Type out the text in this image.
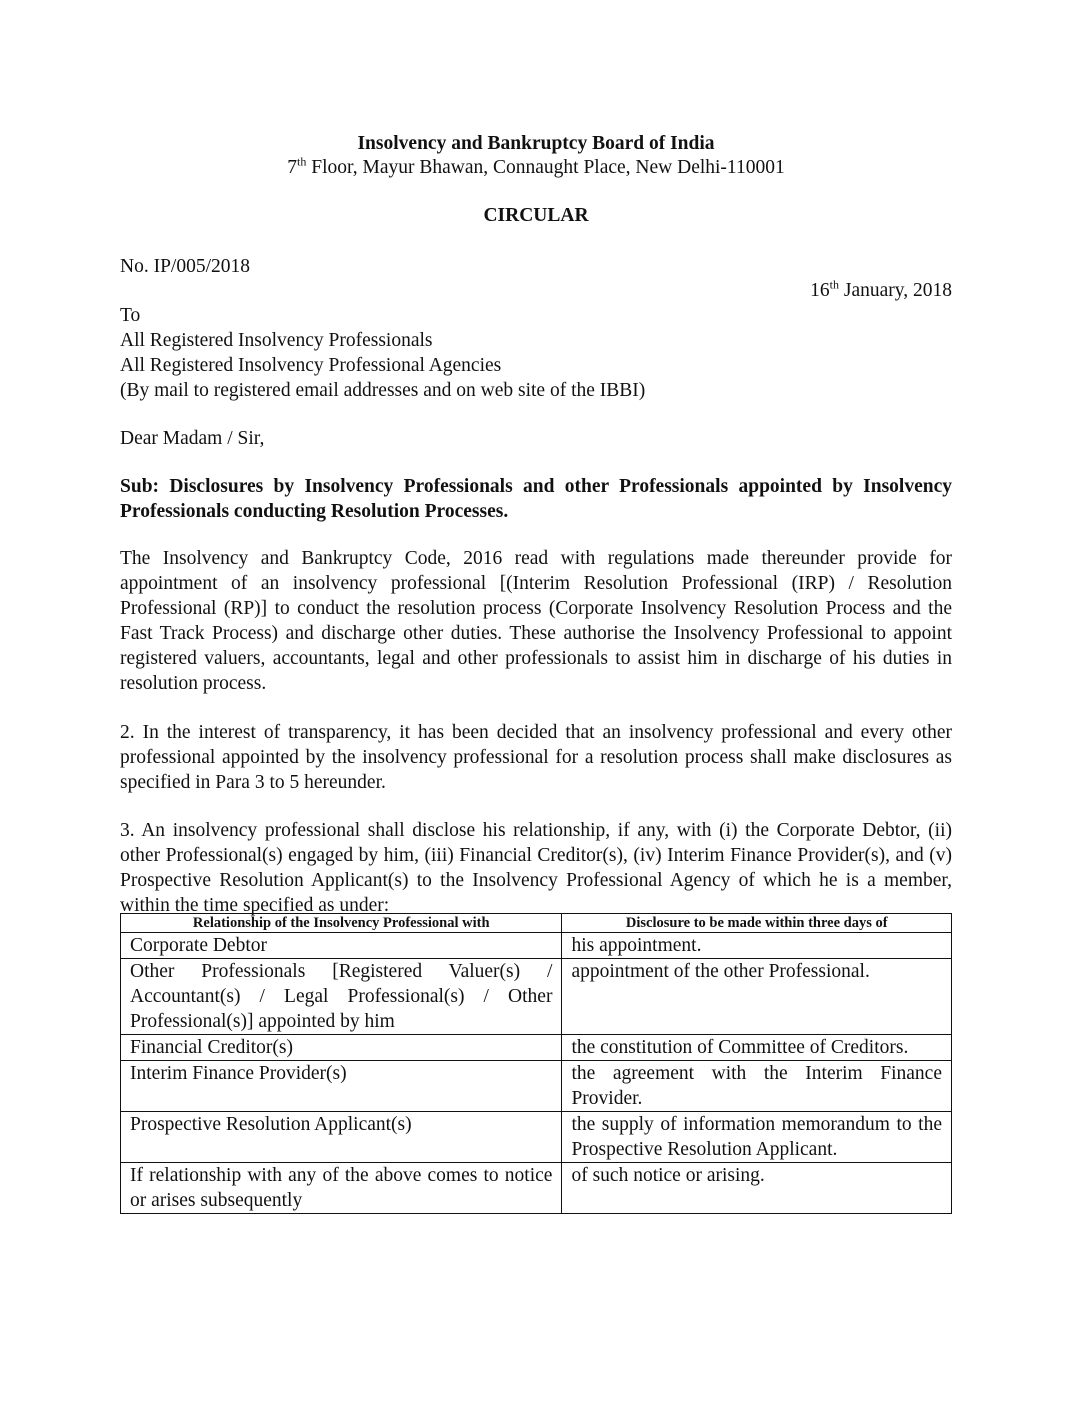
Insolvency and Bankruptcy Board of India
7th Floor, Mayur Bhawan, Connaught Place, New Delhi-110001
CIRCULAR
No. IP/005/2018
16th January, 2018
To
All Registered Insolvency Professionals
All Registered Insolvency Professional Agencies
(By mail to registered email addresses and on web site of the IBBI)
Dear Madam / Sir,
Sub: Disclosures by Insolvency Professionals and other Professionals appointed by Insolvency Professionals conducting Resolution Processes.
The Insolvency and Bankruptcy Code, 2016 read with regulations made thereunder provide for appointment of an insolvency professional [(Interim Resolution Professional (IRP) / Resolution Professional (RP)] to conduct the resolution process (Corporate Insolvency Resolution Process and the Fast Track Process) and discharge other duties. These authorise the Insolvency Professional to appoint registered valuers, accountants, legal and other professionals to assist him in discharge of his duties in resolution process.
2. In the interest of transparency, it has been decided that an insolvency professional and every other professional appointed by the insolvency professional for a resolution process shall make disclosures as specified in Para 3 to 5 hereunder.
3. An insolvency professional shall disclose his relationship, if any, with (i) the Corporate Debtor, (ii) other Professional(s) engaged by him, (iii) Financial Creditor(s), (iv) Interim Finance Provider(s), and (v) Prospective Resolution Applicant(s) to the Insolvency Professional Agency of which he is a member, within the time specified as under:
Relationship of the Insolvency Professional with	Disclosure to be made within three days of
Corporate Debtor	his appointment.
Other Professionals [Registered Valuer(s) / Accountant(s) / Legal Professional(s) / Other Professional(s)] appointed by him	appointment of the other Professional.
Financial Creditor(s)	the constitution of Committee of Creditors.
Interim Finance Provider(s)	the agreement with the Interim Finance Provider.
Prospective Resolution Applicant(s)	the supply of information memorandum to the Prospective Resolution Applicant.
If relationship with any of the above comes to notice or arises subsequently	of such notice or arising.
